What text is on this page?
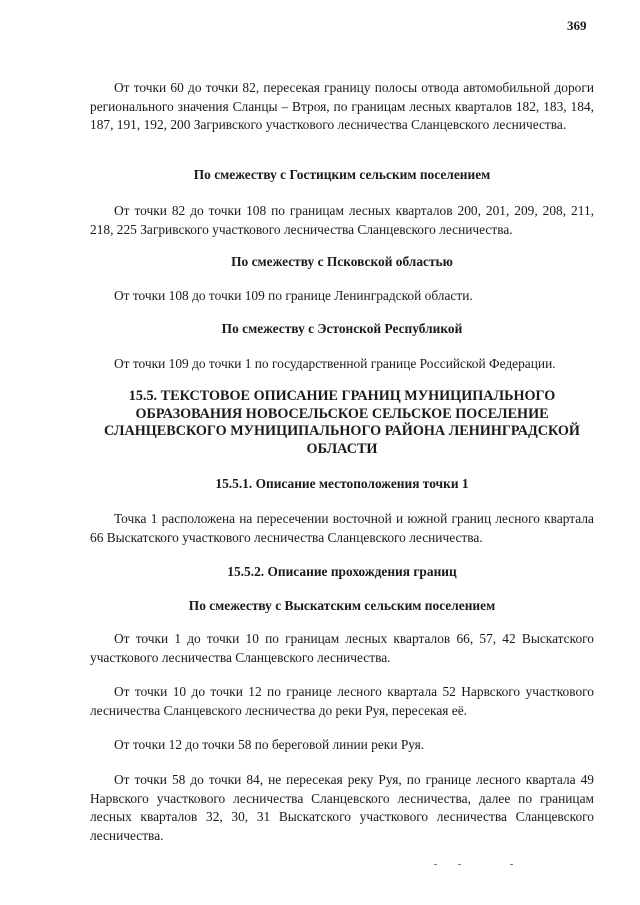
369

От точки 60 до точки 82, пересекая границу полосы отвода автомобильной дороги регионального значения Сланцы – Втроя, по границам лесных кварталов 182, 183, 184, 187, 191, 192, 200 Загривского участкового лесничества Сланцевского лесничества.

По смежеству с Гостицким сельским поселением

От точки 82 до точки 108 по границам лесных кварталов 200, 201, 209, 208, 211, 218, 225 Загривского участкового лесничества Сланцевского лесничества.

По смежеству с Псковской областью

От точки 108 до точки 109 по границе Ленинградской области.

По смежеству с Эстонской Республикой

От точки 109 до точки 1 по государственной границе Российской Федерации.

15.5. ТЕКСТОВОЕ ОПИСАНИЕ ГРАНИЦ МУНИЦИПАЛЬНОГО ОБРАЗОВАНИЯ НОВОСЕЛЬСКОЕ СЕЛЬСКОЕ ПОСЕЛЕНИЕ СЛАНЦЕВСКОГО МУНИЦИПАЛЬНОГО РАЙОНА ЛЕНИНГРАДСКОЙ ОБЛАСТИ
15.5.1. Описание местоположения точки 1

Точка 1 расположена на пересечении восточной и южной границ лесного квартала 66 Выскатского участкового лесничества Сланцевского лесничества.

15.5.2. Описание прохождения границ
По смежеству с Выскатским сельским поселением

От точки 1 до точки 10 по границам лесных кварталов 66, 57, 42 Выскатского участкового лесничества Сланцевского лесничества.

От точки 10 до точки 12 по границе лесного квартала 52 Нарвского участкового лесничества Сланцевского лесничества до реки Руя, пересекая её.

От точки 12 до точки 58 по береговой линии реки Руя.

От точки 58 до точки 84, не пересекая реку Руя, по границе лесного квартала 49 Нарвского участкового лесничества Сланцевского лесничества, далее по границам лесных кварталов 32, 30, 31 Выскатского участкового лесничества Сланцевского лесничества.
